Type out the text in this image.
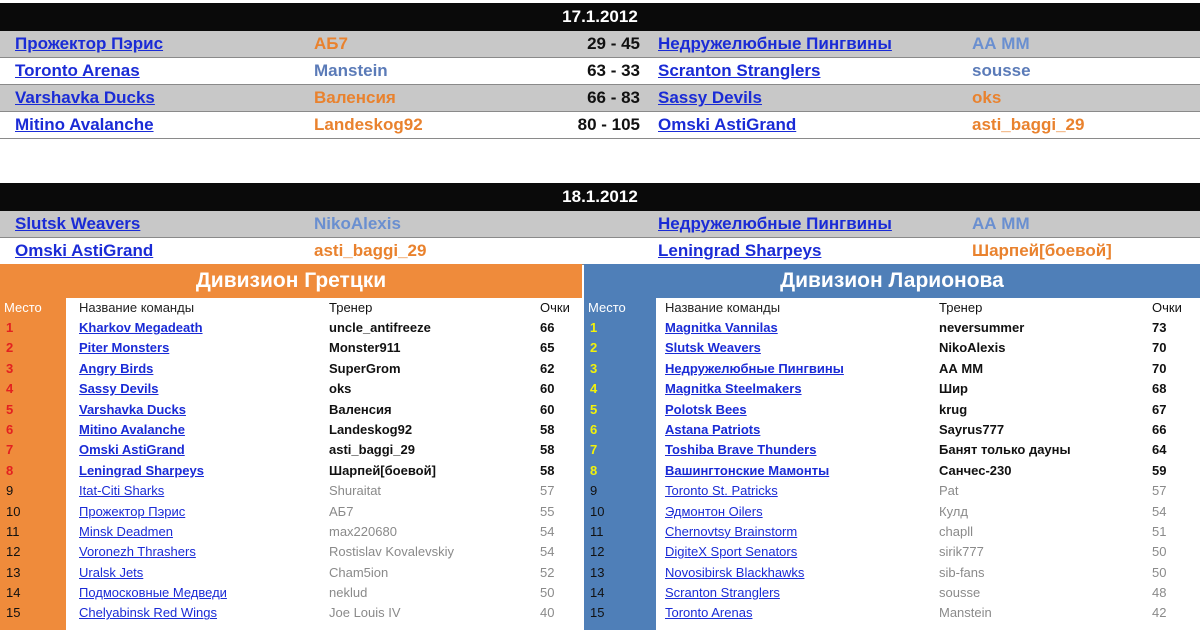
17.1.2012
Прожектор Пэрис	АБ7	29 - 45 Недружелюбные Пингвины	АА ММ
Toronto Arenas	Manstein	63 - 33 Scranton Stranglers	sousse
Varshavka Ducks	Валенсия	66 - 83 Sassy Devils	oks
Mitino Avalanche	Landeskog92	80 - 105 Omski AstiGrand	asti_baggi_29
18.1.2012
Slutsk Weavers	NikoAlexis	Недружелюбные Пингвины	АА ММ
Omski AstiGrand	asti_baggi_29	Leningrad Sharpeys	Шарпей[боевой]
Дивизион Гретцки
Место	Название команды	Тренер	Очки
1	Kharkov Megadeath	uncle_antifreeze	66
2	Piter Monsters	Monster911	65
3	Angry Birds	SuperGrom	62
4	Sassy Devils	oks	60
5	Varshavka Ducks	Валенсия	60
6	Mitino Avalanche	Landeskog92	58
7	Omski AstiGrand	asti_baggi_29	58
8	Leningrad Sharpeys	Шарпей[боевой]	58
9	Itat-Citi Sharks	Shuraitat	57
10	Прожектор Пэрис	АБ7	55
11	Minsk Deadmen	max220680	54
12	Voronezh Thrashers	Rostislav Kovalevskiy	54
13	Uralsk Jets	Cham5ion	52
14	Подмосковные Медведи	neklud	50
15	Chelyabinsk Red Wings	Joe Louis IV	40
Дивизион Ларионова
Место	Название команды	Тренер	Очки
1	Magnitka Vannilas	neversummer	73
2	Slutsk Weavers	NikoAlexis	70
3	Недружелюбные Пингвины	АА ММ	70
4	Magnitka Steelmakers	Шир	68
5	Polotsk Bees	krug	67
6	Astana Patriots	Sayrus777	66
7	Toshiba Brave Thunders	Банят только дауны	64
8	Вашингтонские Мамонты	Санчес-230	59
9	Toronto St. Patricks	Pat	57
10	Эдмонтон Oilers	Кулд	54
11	Chernovtsy Brainstorm	chapll	51
12	DigiteX Sport Senators	sirik777	50
13	Novosibirsk Blackhawks	sib-fans	50
14	Scranton Stranglers	sousse	48
15	Toronto Arenas	Manstein	42
